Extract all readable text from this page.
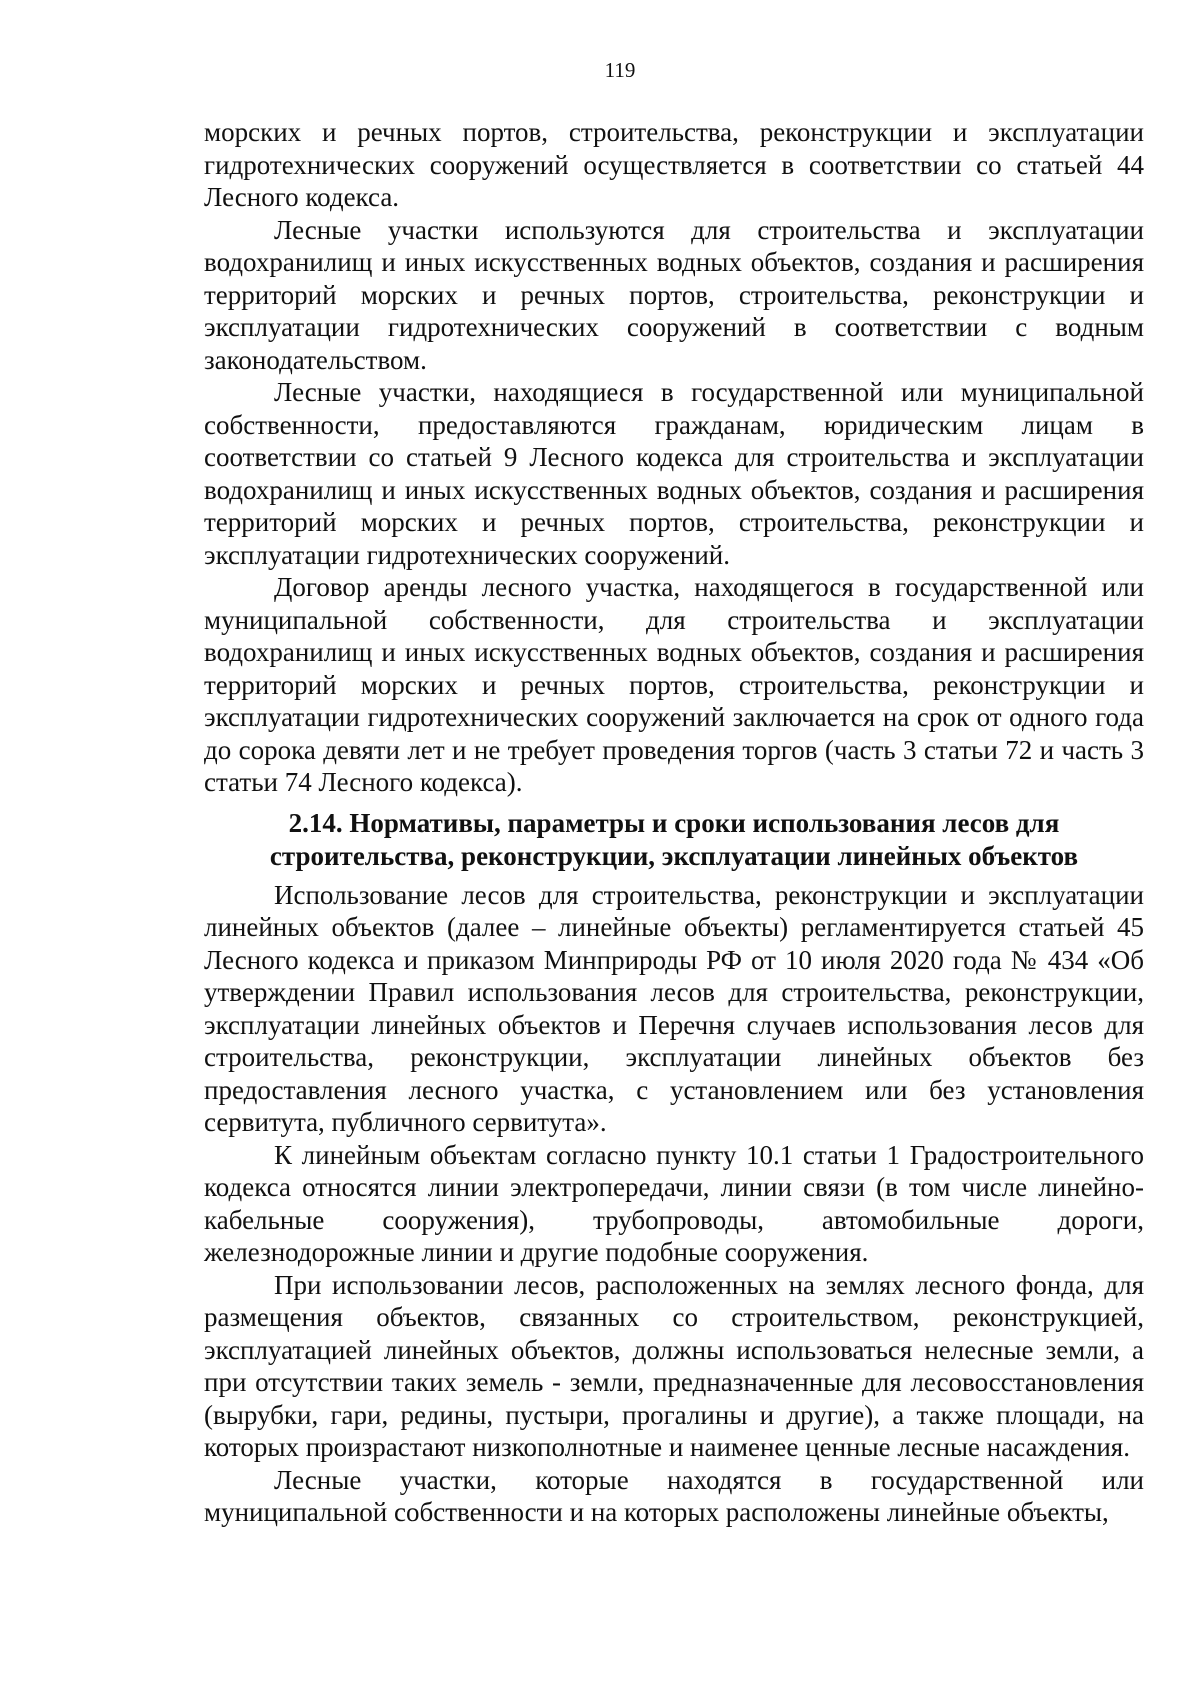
119

морских и речных портов, строительства, реконструкции и эксплуатации гидротехнических сооружений осуществляется в соответствии со статьей 44 Лесного кодекса.

Лесные участки используются для строительства и эксплуатации водохранилищ и иных искусственных водных объектов, создания и расширения территорий морских и речных портов, строительства, реконструкции и эксплуатации гидротехнических сооружений в соответствии с водным законодательством.

Лесные участки, находящиеся в государственной или муниципальной собственности, предоставляются гражданам, юридическим лицам в соответствии со статьей 9 Лесного кодекса для строительства и эксплуатации водохранилищ и иных искусственных водных объектов, создания и расширения территорий морских и речных портов, строительства, реконструкции и эксплуатации гидротехнических сооружений.

Договор аренды лесного участка, находящегося в государственной или муниципальной собственности, для строительства и эксплуатации водохранилищ и иных искусственных водных объектов, создания и расширения территорий морских и речных портов, строительства, реконструкции и эксплуатации гидротехнических сооружений заключается на срок от одного года до сорока девяти лет и не требует проведения торгов (часть 3 статьи 72 и часть 3 статьи 74 Лесного кодекса).

2.14. Нормативы, параметры и сроки использования лесов для
строительства, реконструкции, эксплуатации линейных объектов

Использование лесов для строительства, реконструкции и эксплуатации линейных объектов (далее – линейные объекты) регламентируется статьей 45 Лесного кодекса и приказом Минприроды РФ от 10 июля 2020 года № 434 «Об утверждении Правил использования лесов для строительства, реконструкции, эксплуатации линейных объектов и Перечня случаев использования лесов для строительства, реконструкции, эксплуатации линейных объектов без предоставления лесного участка, с установлением или без установления сервитута, публичного сервитута».

К линейным объектам согласно пункту 10.1 статьи 1 Градостроительного кодекса относятся линии электропередачи, линии связи (в том числе линейно-кабельные сооружения), трубопроводы, автомобильные дороги, железнодорожные линии и другие подобные сооружения.

При использовании лесов, расположенных на землях лесного фонда, для размещения объектов, связанных со строительством, реконструкцией, эксплуатацией линейных объектов, должны использоваться нелесные земли, а при отсутствии таких земель - земли, предназначенные для лесовосстановления (вырубки, гари, редины, пустыри, прогалины и другие), а также площади, на которых произрастают низкополнотные и наименее ценные лесные насаждения.

Лесные участки, которые находятся в государственной или муниципальной собственности и на которых расположены линейные объекты,
